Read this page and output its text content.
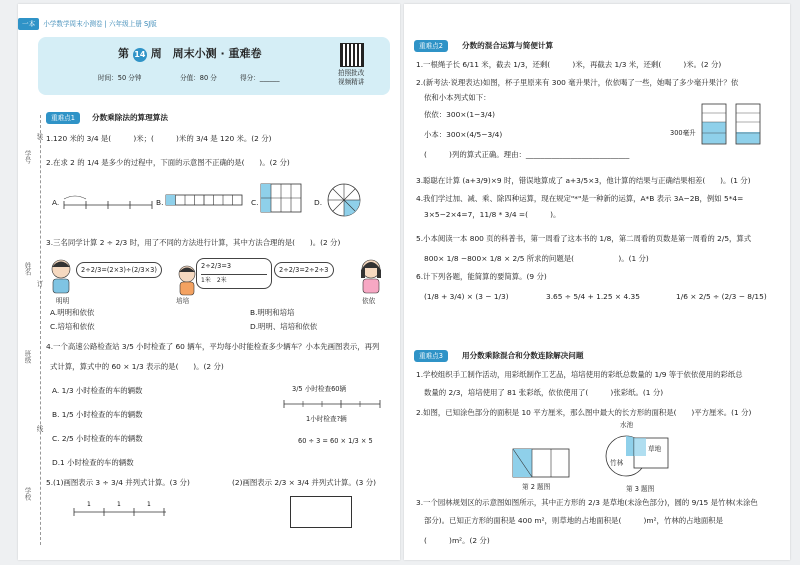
一本 小学数学周末小测卷 | 六年级上册 SJ版
第 14 周　周末小测 · 重难卷
时间：50 分钟	分值：80 分	得分：______
拍照批改
视频精讲
学号
姓名
班级
学校
装
订
线
重难点1	分数乘除法的算理算法
1.120 米的 3/4 是(　　　)米；(　　　)米的 3/4 是 120 米。(2 分)
2.在求 2 的 1/4 是多少的过程中，下面的示意图不正确的是(　　)。(2 分)
A.	B.	C.	D.
3.三名同学计算 2 ÷ 2/3 时，用了不同的方法进行计算，其中方法合理的是(　　)。(2 分)
2÷2/3=(2×3)÷(2/3×3)	2÷2/3=3
1米　2米
2÷2/3=2÷2÷3
明明	培培	依依
A.明明和依依	B.明明和培培
C.培培和依依	D.明明、培培和依依
4.一个高速公路检查站 3/5 小时检查了 60 辆车，平均每小时能检查多少辆车？小本先画图表示，再列
式计算，算式中的 60 × 1/3 表示的是(　　)。(2 分)
A. 1/3 小时检查的车的辆数
B. 1/5 小时检查的车的辆数
C. 2/5 小时检查的车的辆数
D.1 小时检查的车的辆数
3/5 小时检查60辆
1小时检查?辆
60 ÷ 3 = 60 × 1/3 × 5
5.(1)画图表示 3 ÷ 3/4 并列式计算。(3 分)	(2)画图表示 2/3 × 3/4 并列式计算。(3 分)
1	1	1
重难点2	分数的混合运算与简便计算
1.一根绳子长 6/11 米，截去 1/3，还剩(　　　)米，再截去 1/3 米，还剩(　　　)米。(2 分)
2.(新考法·说理表达)如图，杯子里原来有 300 毫升果汁，依依喝了一些，她喝了多少毫升果汁？依
依和小本列式如下：
依依：300×(1−3/4)
小本：300×(4/5−3/4)
(　　　)列的算式正确。理由：____________________________
300毫升
3.聪聪在计算 (a+3/9)×9 时，错误地算成了 a+3/5×3，他计算的结果与正确结果相差(　　)。(1 分)
4.我们学过加、减、乘、除四种运算，现在规定"*"是一种新的运算，A*B 表示 3A−2B，例如 5*4=
3×5−2×4=7，11/8 * 3/4 =(　　　)。
5.小本阅读一本 800 页的科普书，第一周看了这本书的 1/8，第二周看的页数是第一周看的 2/5，算式
800× 1/8 −800× 1/8 × 2/5 所求的问题是(　　　　　　)。(1 分)
6.计下列各题，能简算的要简算。(9 分)
(1/8 + 3/4) × (3 − 1/3)	3.65 ÷ 5/4 + 1.25 × 4.35	1/6 × 2/5 ÷ (2/3 − 8/15)
重难点3	用分数乘除混合和分数连除解决问题
1.学校组织手工制作活动，用彩纸制作工艺品，培培使用的彩纸总数量的 1/9 等于依依使用的彩纸总
数量的 2/3，培培使用了 81 张彩纸，依依使用了(　　　)张彩纸。(1 分)
2.如图，已知涂色部分的面积是 10 平方厘米，那么图中最大的长方形的面积是(　　)平方厘米。(1 分)
第 2 题图
水池
草地
竹林
第 3 题图
3.一个园林规划区的示意图如图所示，其中正方形的 2/3 是草地(未涂色部分)，圆的 9/15 是竹林(未涂色
部分)。已知正方形的面积是 400 m²，则草地的占地面积是(　　　)m²，竹林的占地面积是
(　　　)m²。(2 分)
